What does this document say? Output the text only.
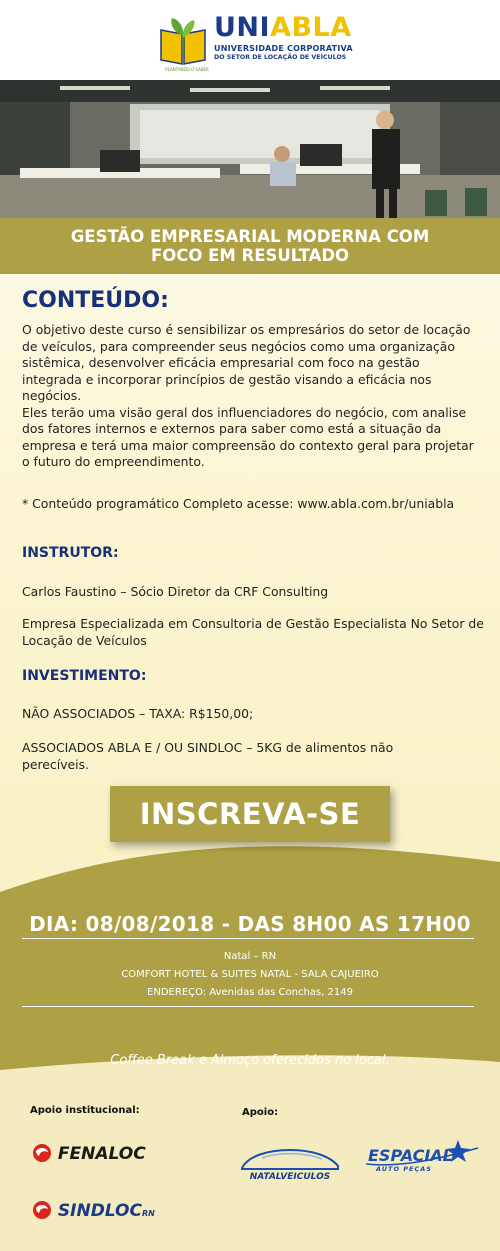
UNIABLA
UNIVERSIDADE CORPORATIVA
DO SETOR DE LOCAÇÃO DE VEÍCULOS
PLANTANDO O SABER
GESTÃO EMPRESARIAL MODERNA COM
FOCO EM RESULTADO
CONTEÚDO:

O objetivo deste curso é sensibilizar os empresários do setor de locação de veículos, para compreender seus negócios como uma organização sistêmica, desenvolver eficácia empresarial com foco na gestão integrada e incorporar princípios de gestão visando a eficácia nos negócios.

Eles terão uma visão geral dos influenciadores do negócio, com analise dos fatores internos e externos para saber como está a situação da empresa e terá uma maior compreensão do contexto geral para projetar o futuro do empreendimento.

* Conteúdo programático Completo acesse: www.abla.com.br/uniabla
INSTRUTOR:
Carlos Faustino – Sócio Diretor da CRF Consulting
Empresa Especializada em Consultoria de Gestão Especialista No Setor de Locação de Veículos
INVESTIMENTO:
NÃO ASSOCIADOS – TAXA: R$150,00;
ASSOCIADOS ABLA E / OU SINDLOC – 5KG de alimentos não perecíveis.
INSCREVA-SE
DIA: 08/08/2018 - DAS 8H00 AS 17H00
Natal – RN
COMFORT HOTEL & SUITES NATAL - SALA CAJUEIRO
ENDEREÇO: Avenidas das Conchas, 2149
Coffee Break e Almoço oferecidos no local.
Apoio institucional:	Apoio:
FENALOC
SINDLOCRN
NATALVEICULOS
ESPACIAL
AUTO PEÇAS
